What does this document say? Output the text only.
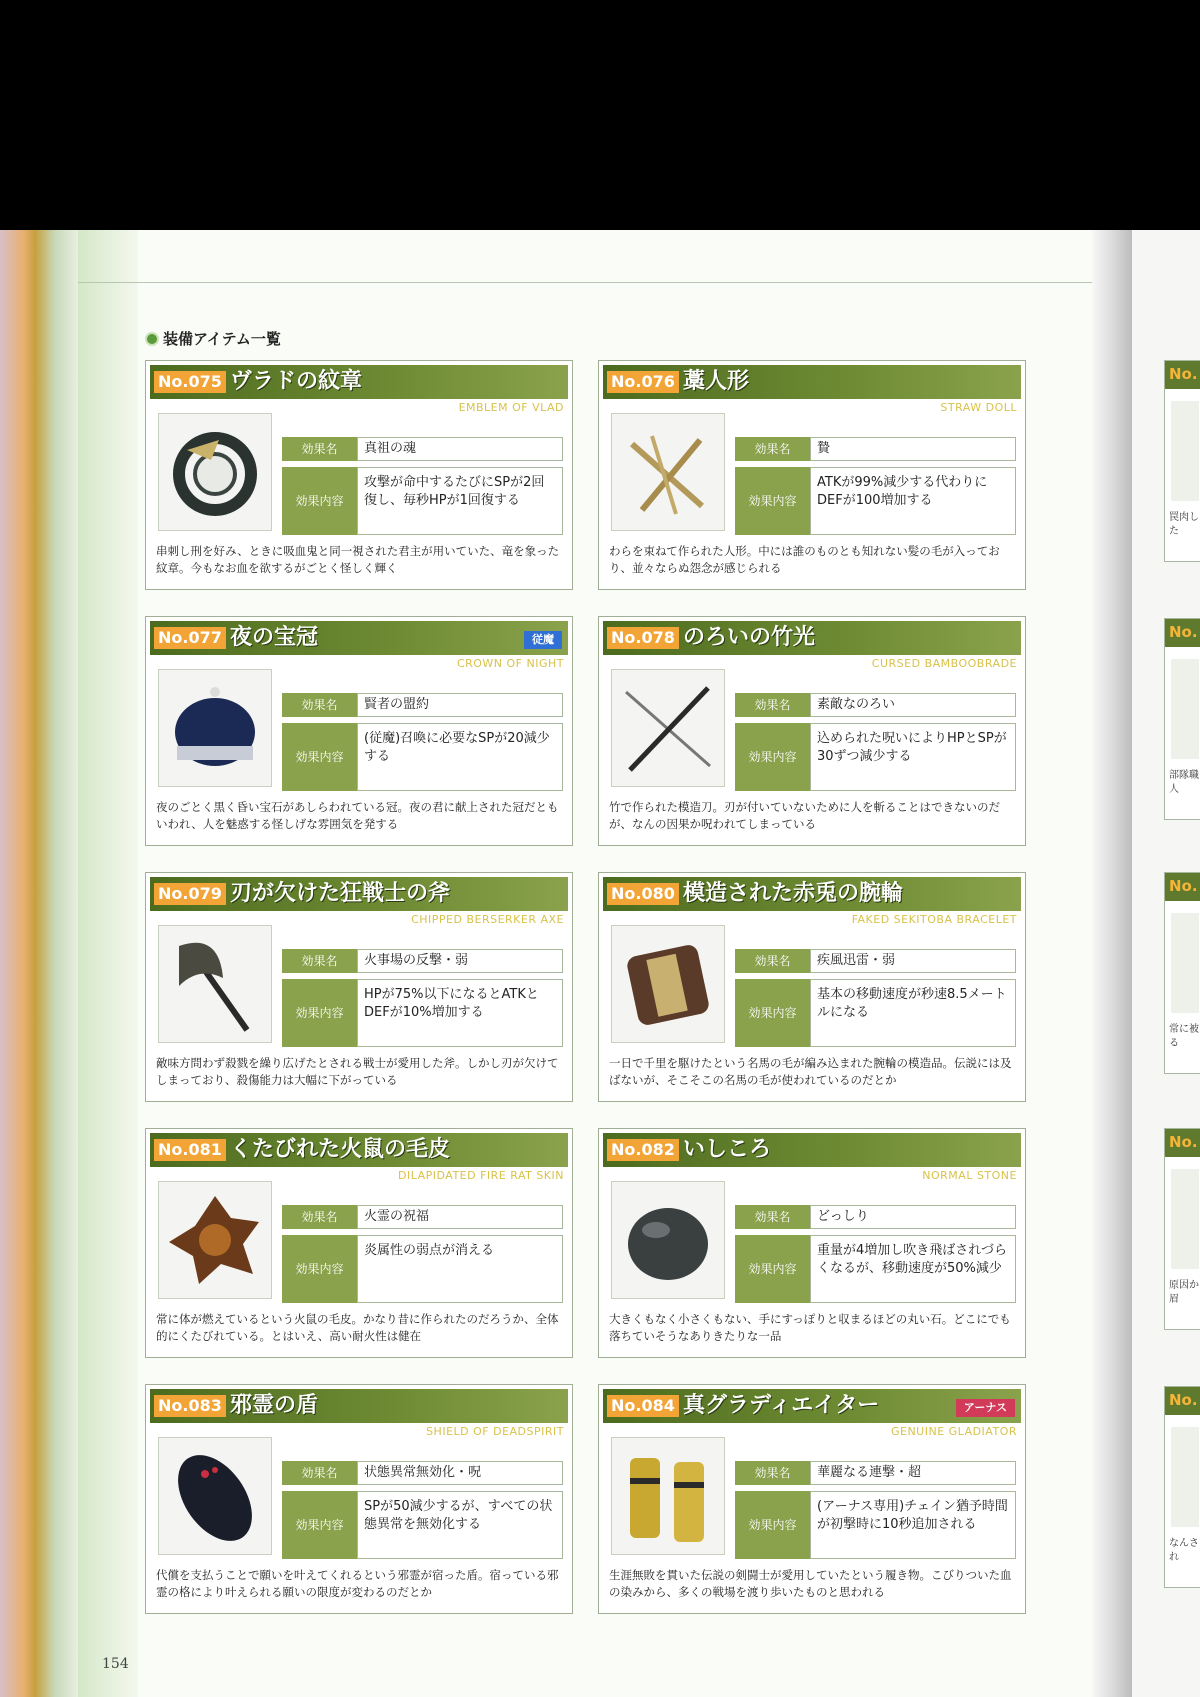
No.
罠肉した
No.
部隊職人
No.
常に被る
No.
原因か眉
No.
なんされ
装備アイテム一覧
No.075 ヴラドの紋章
EMBLEM OF VLAD
効果名	真祖の魂
効果内容
攻撃が命中するたびにSPが2回復し、毎秒HPが1回復する
串刺し刑を好み、ときに吸血鬼と同一視された君主が用いていた、竜を象った紋章。今もなお血を欲するがごとく怪しく輝く
No.076 藁人形
STRAW DOLL
効果名	贄
効果内容
ATKが99%減少する代わりにDEFが100増加する
わらを束ねて作られた人形。中には誰のものとも知れない髪の毛が入っており、並々ならぬ怨念が感じられる
No.077 夜の宝冠	従魔
CROWN OF NIGHT
効果名	賢者の盟約
効果内容
(従魔)召喚に必要なSPが20減少する
夜のごとく黒く昏い宝石があしらわれている冠。夜の君に献上された冠だともいわれ、人を魅惑する怪しげな雰囲気を発する
No.078 のろいの竹光
CURSED BAMBOOBRADE
効果名	素敵なのろい
効果内容
込められた呪いによりHPとSPが30ずつ減少する
竹で作られた模造刀。刃が付いていないために人を斬ることはできないのだが、なんの因果か呪われてしまっている
No.079 刃が欠けた狂戦士の斧
CHIPPED BERSERKER AXE
効果名	火事場の反撃・弱
効果内容
HPが75%以下になるとATKとDEFが10%増加する
敵味方問わず殺戮を繰り広げたとされる戦士が愛用した斧。しかし刃が欠けてしまっており、殺傷能力は大幅に下がっている
No.080 模造された赤兎の腕輪
FAKED SEKITOBA BRACELET
効果名	疾風迅雷・弱
効果内容
基本の移動速度が秒速8.5メートルになる
一日で千里を駆けたという名馬の毛が編み込まれた腕輪の模造品。伝説には及ばないが、そこそこの名馬の毛が使われているのだとか
No.081 くたびれた火鼠の毛皮
DILAPIDATED FIRE RAT SKIN
効果名	火霊の祝福
効果内容
炎属性の弱点が消える
常に体が燃えているという火鼠の毛皮。かなり昔に作られたのだろうか、全体的にくたびれている。とはいえ、高い耐火性は健在
No.082 いしころ
NORMAL STONE
効果名	どっしり
効果内容
重量が4増加し吹き飛ばされづらくなるが、移動速度が50%減少
大きくもなく小さくもない、手にすっぽりと収まるほどの丸い石。どこにでも落ちていそうなありきたりな一品
No.083 邪霊の盾
SHIELD OF DEADSPIRIT
効果名	状態異常無効化・呪
効果内容
SPが50減少するが、すべての状態異常を無効化する
代償を支払うことで願いを叶えてくれるという邪霊が宿った盾。宿っている邪霊の格により叶えられる願いの限度が変わるのだとか
No.084 真グラディエイター	アーナス
GENUINE GLADIATOR
効果名	華麗なる連撃・超
効果内容
(アーナス専用)チェイン猶予時間が初撃時に10秒追加される
生涯無敗を貫いた伝説の剣闘士が愛用していたという履き物。こびりついた血の染みから、多くの戦場を渡り歩いたものと思われる
154
